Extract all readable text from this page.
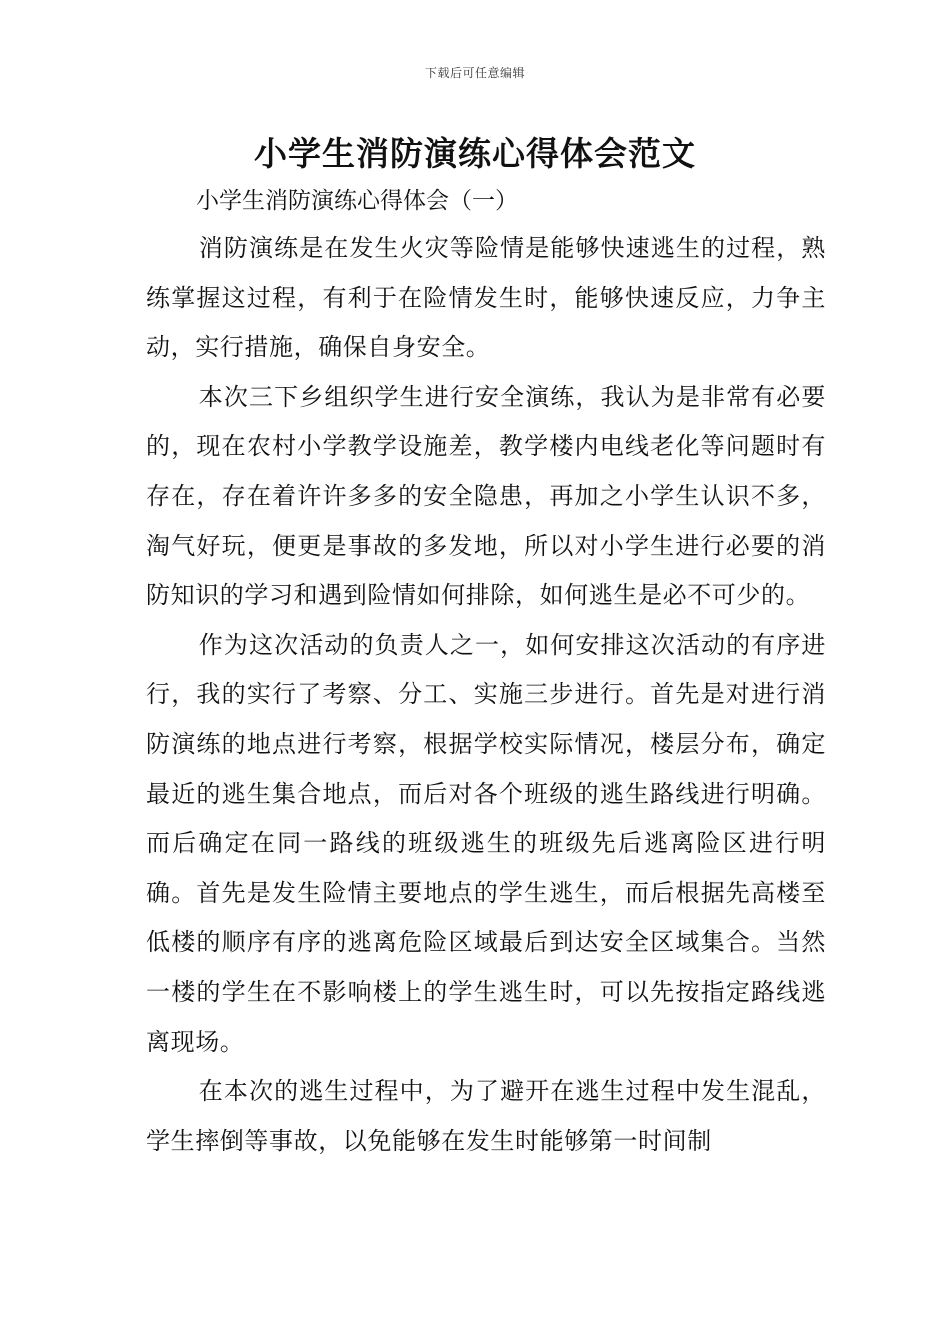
下载后可任意编辑
小学生消防演练心得体会范文
小学生消防演练心得体会（一）

消防演练是在发生火灾等险情是能够快速逃生的过程，熟练掌握这过程，有利于在险情发生时，能够快速反应，力争主动，实行措施，确保自身安全。

本次三下乡组织学生进行安全演练，我认为是非常有必要的，现在农村小学教学设施差，教学楼内电线老化等问题时有存在，存在着许许多多的安全隐患，再加之小学生认识不多，淘气好玩，便更是事故的多发地，所以对小学生进行必要的消防知识的学习和遇到险情如何排除，如何逃生是必不可少的。

作为这次活动的负责人之一，如何安排这次活动的有序进行，我的实行了考察、分工、实施三步进行。首先是对进行消防演练的地点进行考察，根据学校实际情况，楼层分布，确定最近的逃生集合地点，而后对各个班级的逃生路线进行明确。而后确定在同一路线的班级逃生的班级先后逃离险区进行明确。首先是发生险情主要地点的学生逃生，而后根据先高楼至低楼的顺序有序的逃离危险区域最后到达安全区域集合。当然一楼的学生在不影响楼上的学生逃生时，可以先按指定路线逃离现场。

在本次的逃生过程中，为了避开在逃生过程中发生混乱，学生摔倒等事故，以免能够在发生时能够第一时间制
